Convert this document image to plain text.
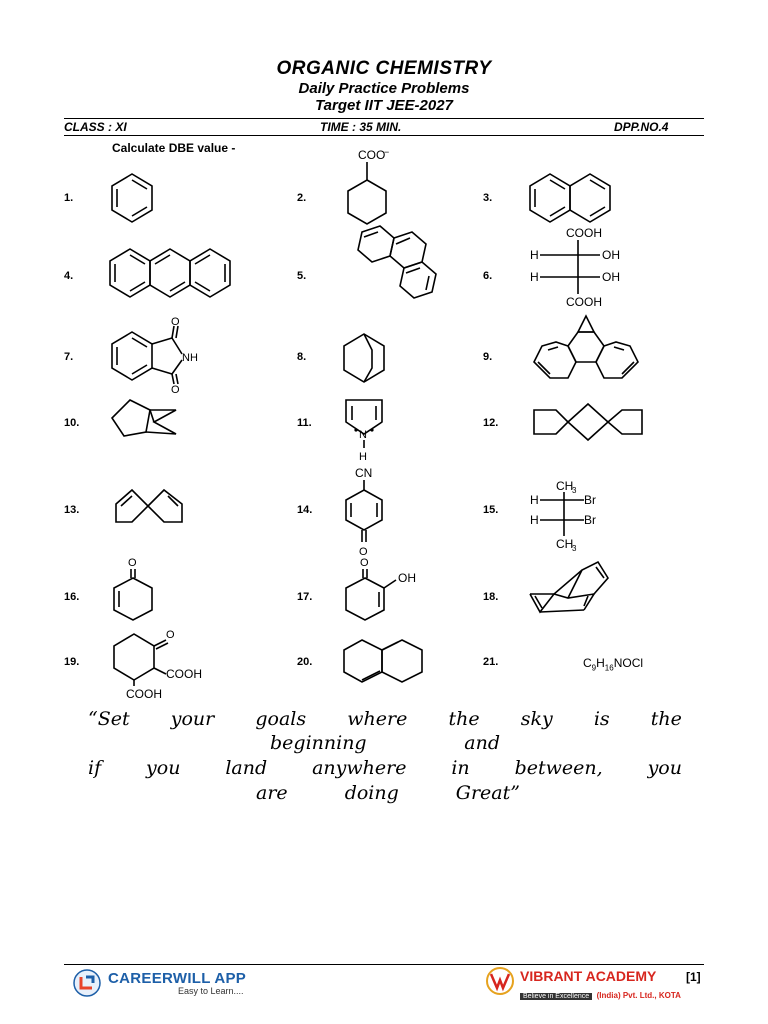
ORGANIC CHEMISTRY
Daily Practice Problems
Target IIT JEE-2027
CLASS : XI	TIME : 35 MIN.	DPP.NO.4
Calculate DBE value -
1.	2.	3.
4.	5.	6.
7.	8.	9.
10.	11.	12.
13.	14.	15.
16.	17.	18.
19.	20.	21.
COO
−
COOH
H	OH
H	OH
COOH
O
O
NH
N
H
CN
O
CH
3
H	Br
H	Br
CH
3
O	O
OH
O
COOH
COOH
$C_9H_{16}NOCl$
“Set your goals where the sky is the
beginning	and
if you land anywhere in between, you
are	doing	Great”
CAREERWILL APP
Easy to Learn....
VIBRANT ACADEMY
Believe in Excellence (India) Pvt. Ltd., KOTA
[1]
